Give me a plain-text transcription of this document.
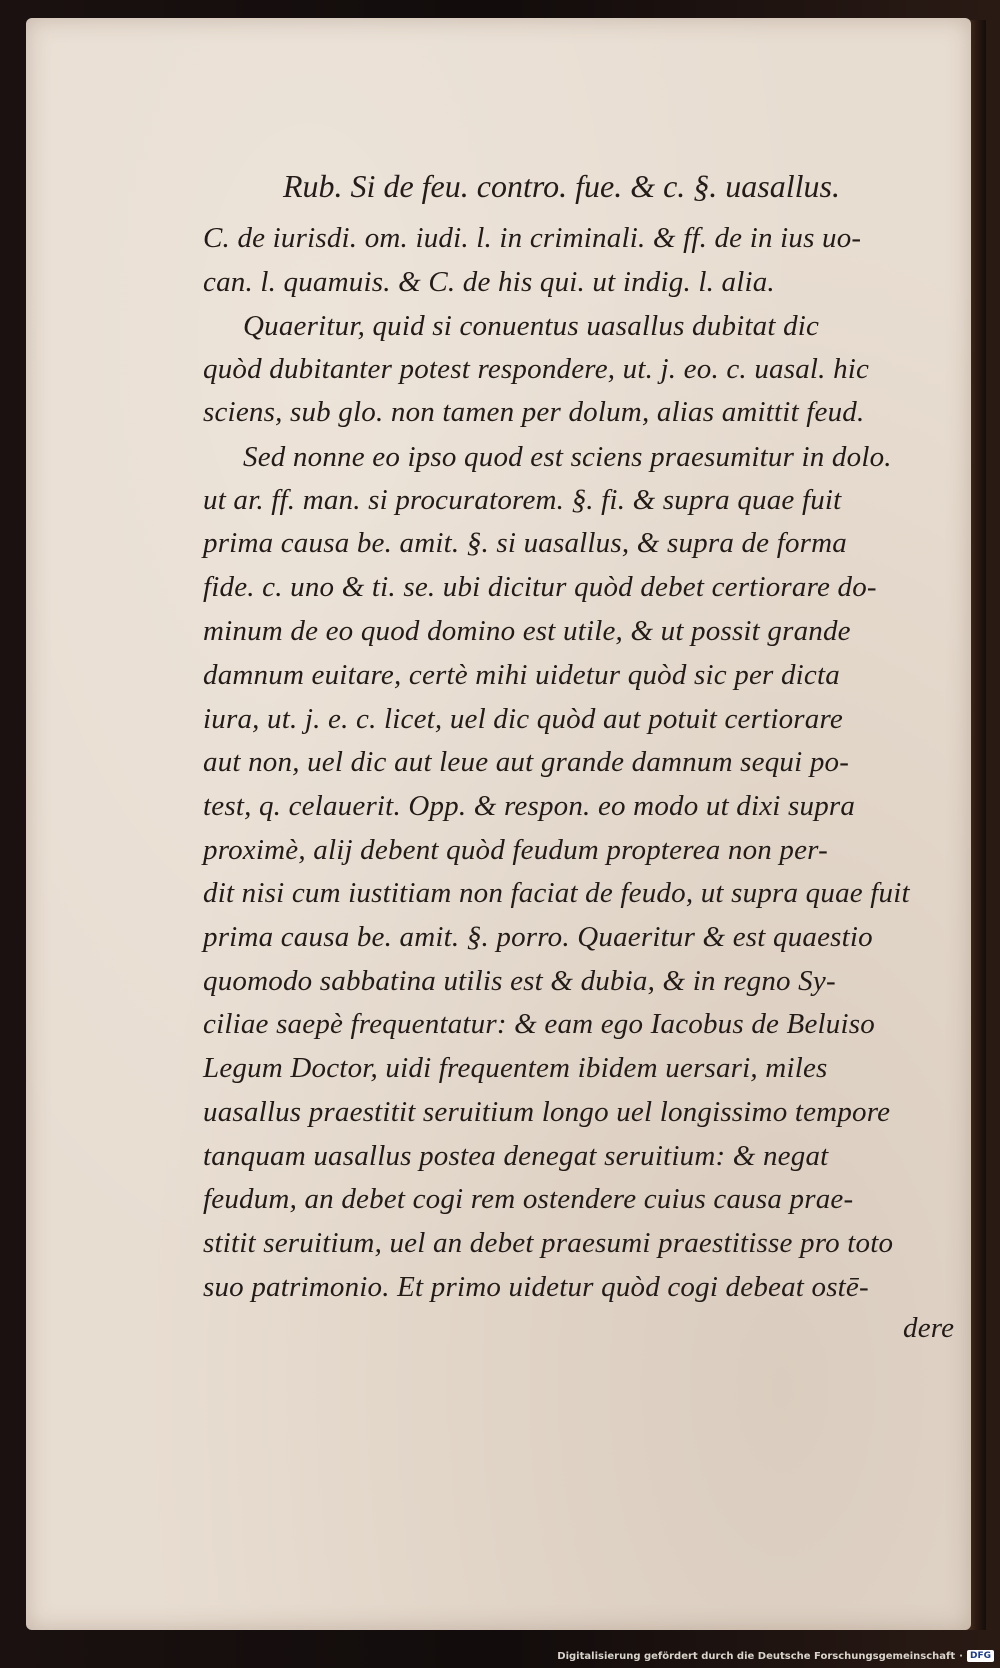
Rub. Si de feu. contro. fue. & c. §. uasallus.
C. de iurisdi. om. iudi. l. in criminali. & ff. de in ius uo-
can. l. quamuis. & C. de his qui. ut indig. l. alia.
Quaeritur, quid si conuentus uasallus dubitat dic
quòd dubitanter potest respondere, ut. j. eo. c. uasal. hic
sciens, sub glo. non tamen per dolum, alias amittit feud.
Sed nonne eo ipso quod est sciens praesumitur in dolo.
ut ar. ff. man. si procuratorem. §. fi. & supra quae fuit
prima causa be. amit. §. si uasallus, & supra de forma
fide. c. uno & ti. se. ubi dicitur quòd debet certiorare do-
minum de eo quod domino est utile, & ut possit grande
damnum euitare, certè mihi uidetur quòd sic per dicta
iura, ut. j. e. c. licet, uel dic quòd aut potuit certiorare
aut non, uel dic aut leue aut grande damnum sequi po-
test, q. celauerit. Opp. & respon. eo modo ut dixi supra
proximè, alij debent quòd feudum propterea non per-
dit nisi cum iustitiam non faciat de feudo, ut supra quae fuit
prima causa be. amit. §. porro. Quaeritur & est quaestio
quomodo sabbatina utilis est & dubia, & in regno Sy-
ciliae saepè frequentatur: & eam ego Iacobus de Beluiso
Legum Doctor, uidi frequentem ibidem uersari, miles
uasallus praestitit seruitium longo uel longissimo tempore
tanquam uasallus postea denegat seruitium: & negat
feudum, an debet cogi rem ostendere cuius causa prae-
stitit seruitium, uel an debet praesumi praestitisse pro toto
suo patrimonio. Et primo uidetur quòd cogi debeat ostē-
dere
Digitalisierung gefördert durch die Deutsche Forschungsgemeinschaft · DFG
